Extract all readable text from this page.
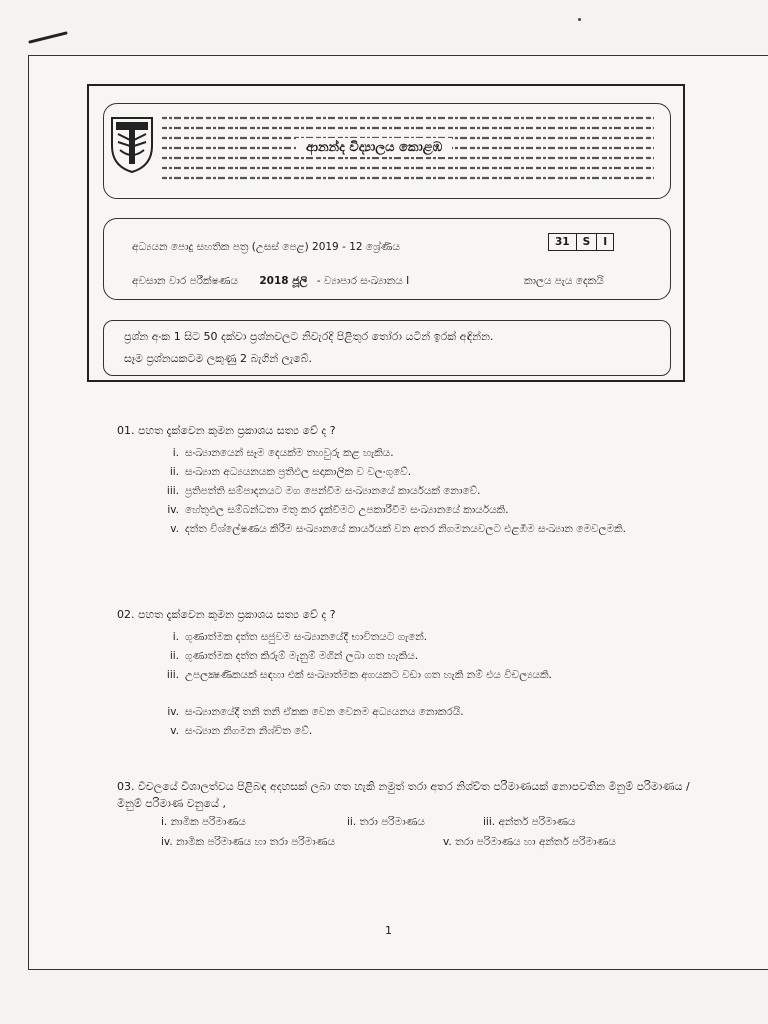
ආනන්ද විද්‍යාලය කොළඹ
අධ්‍යයන පොදු සහතික පත්‍ර (උසස් පෙළ) 2019 - 12 ශ්‍රේණිය	31	S	I
අවසාන වාර පරීක්ෂණය 2018 ජූලි - ව්‍යාපාර සංඛ්‍යානය I	කාලය පැය දෙකයි
ප්‍රශ්න අංක 1 සිට 50 දක්වා ප්‍රශ්නවලට නිවැරදි පිළිතුර තෝරා යටින් ඉරක් අඳින්න.
සෑම ප්‍රශ්නයකටම ලකුණු 2 බැගින් ලැබේ.
01. පහත දැක්වෙන කුමන ප්‍රකාශය සත්‍ය වේ ද ?
i. සංඛ්‍යානයෙන් සෑම දෙයක්ම තහවුරු කළ හැකිය.
ii. සංඛ්‍යාන අධ්‍යයනයක ප්‍රතිඵල සදාකාලික ව වලංගුවේ.
iii. ප්‍රතිපත්ති සම්පාදනයට මග පෙන්වීම සංඛ්‍යානයේ කාර්යයක් නොවේ.
iv. හේතුඵල සම්බන්ධතා මතු කර දැක්වීමට උපකාරීවීම සංඛ්‍යානයේ කාර්යයකි.
v. දත්ත විශ්ලේෂණය කිරීම සංඛ්‍යානයේ කාර්යයක් වන අතර නිගමනයවලට එළඹීම සංඛ්‍යාන මෙවලමකි.
02. පහත දැක්වෙන කුමන ප්‍රකාශය සත්‍ය වේ ද ?
i. ගුණාත්මක දත්ත සජුවම සංඛ්‍යානයේදී භාවිතයට ගැනේ.
ii. ගුණාත්මක දත්ත කිරුම් මැනුම් මගින් ලබා ගත හැකිය.
iii. උපලක්‍ෂණිකයක් සඳහා එක් සංඛ්‍යාත්මක අගයකට වඩා ගත හැකි නම් එය විචල්‍යයකි.
iv. සංඛ්‍යානයේදී තනි තනි ඒකක වෙන වෙනම අධ්‍යයනය නොකරයි.
v. සංඛ්‍යාන නිගමන නිශ්චිත වේ.
03. විචලයේ විශාලත්වය පිළිබඳ අදහසක් ලබා ගත හැකි නමුත් තරා අතර නිශ්චිත පරිමාණයක් නොපවතින මිනුම් පරිමාණය / මිනුම් පරිමාණ වනුයේ ,
i. නාමික පරිමාණය	ii. තරා පරිමාණය	iii. අන්තර් පරිමාණය
iv. නාමික පරිමාණය හා තරා පරිමාණය	v. තරා පරිමාණය හා අන්තර් පරිමාණය
1
